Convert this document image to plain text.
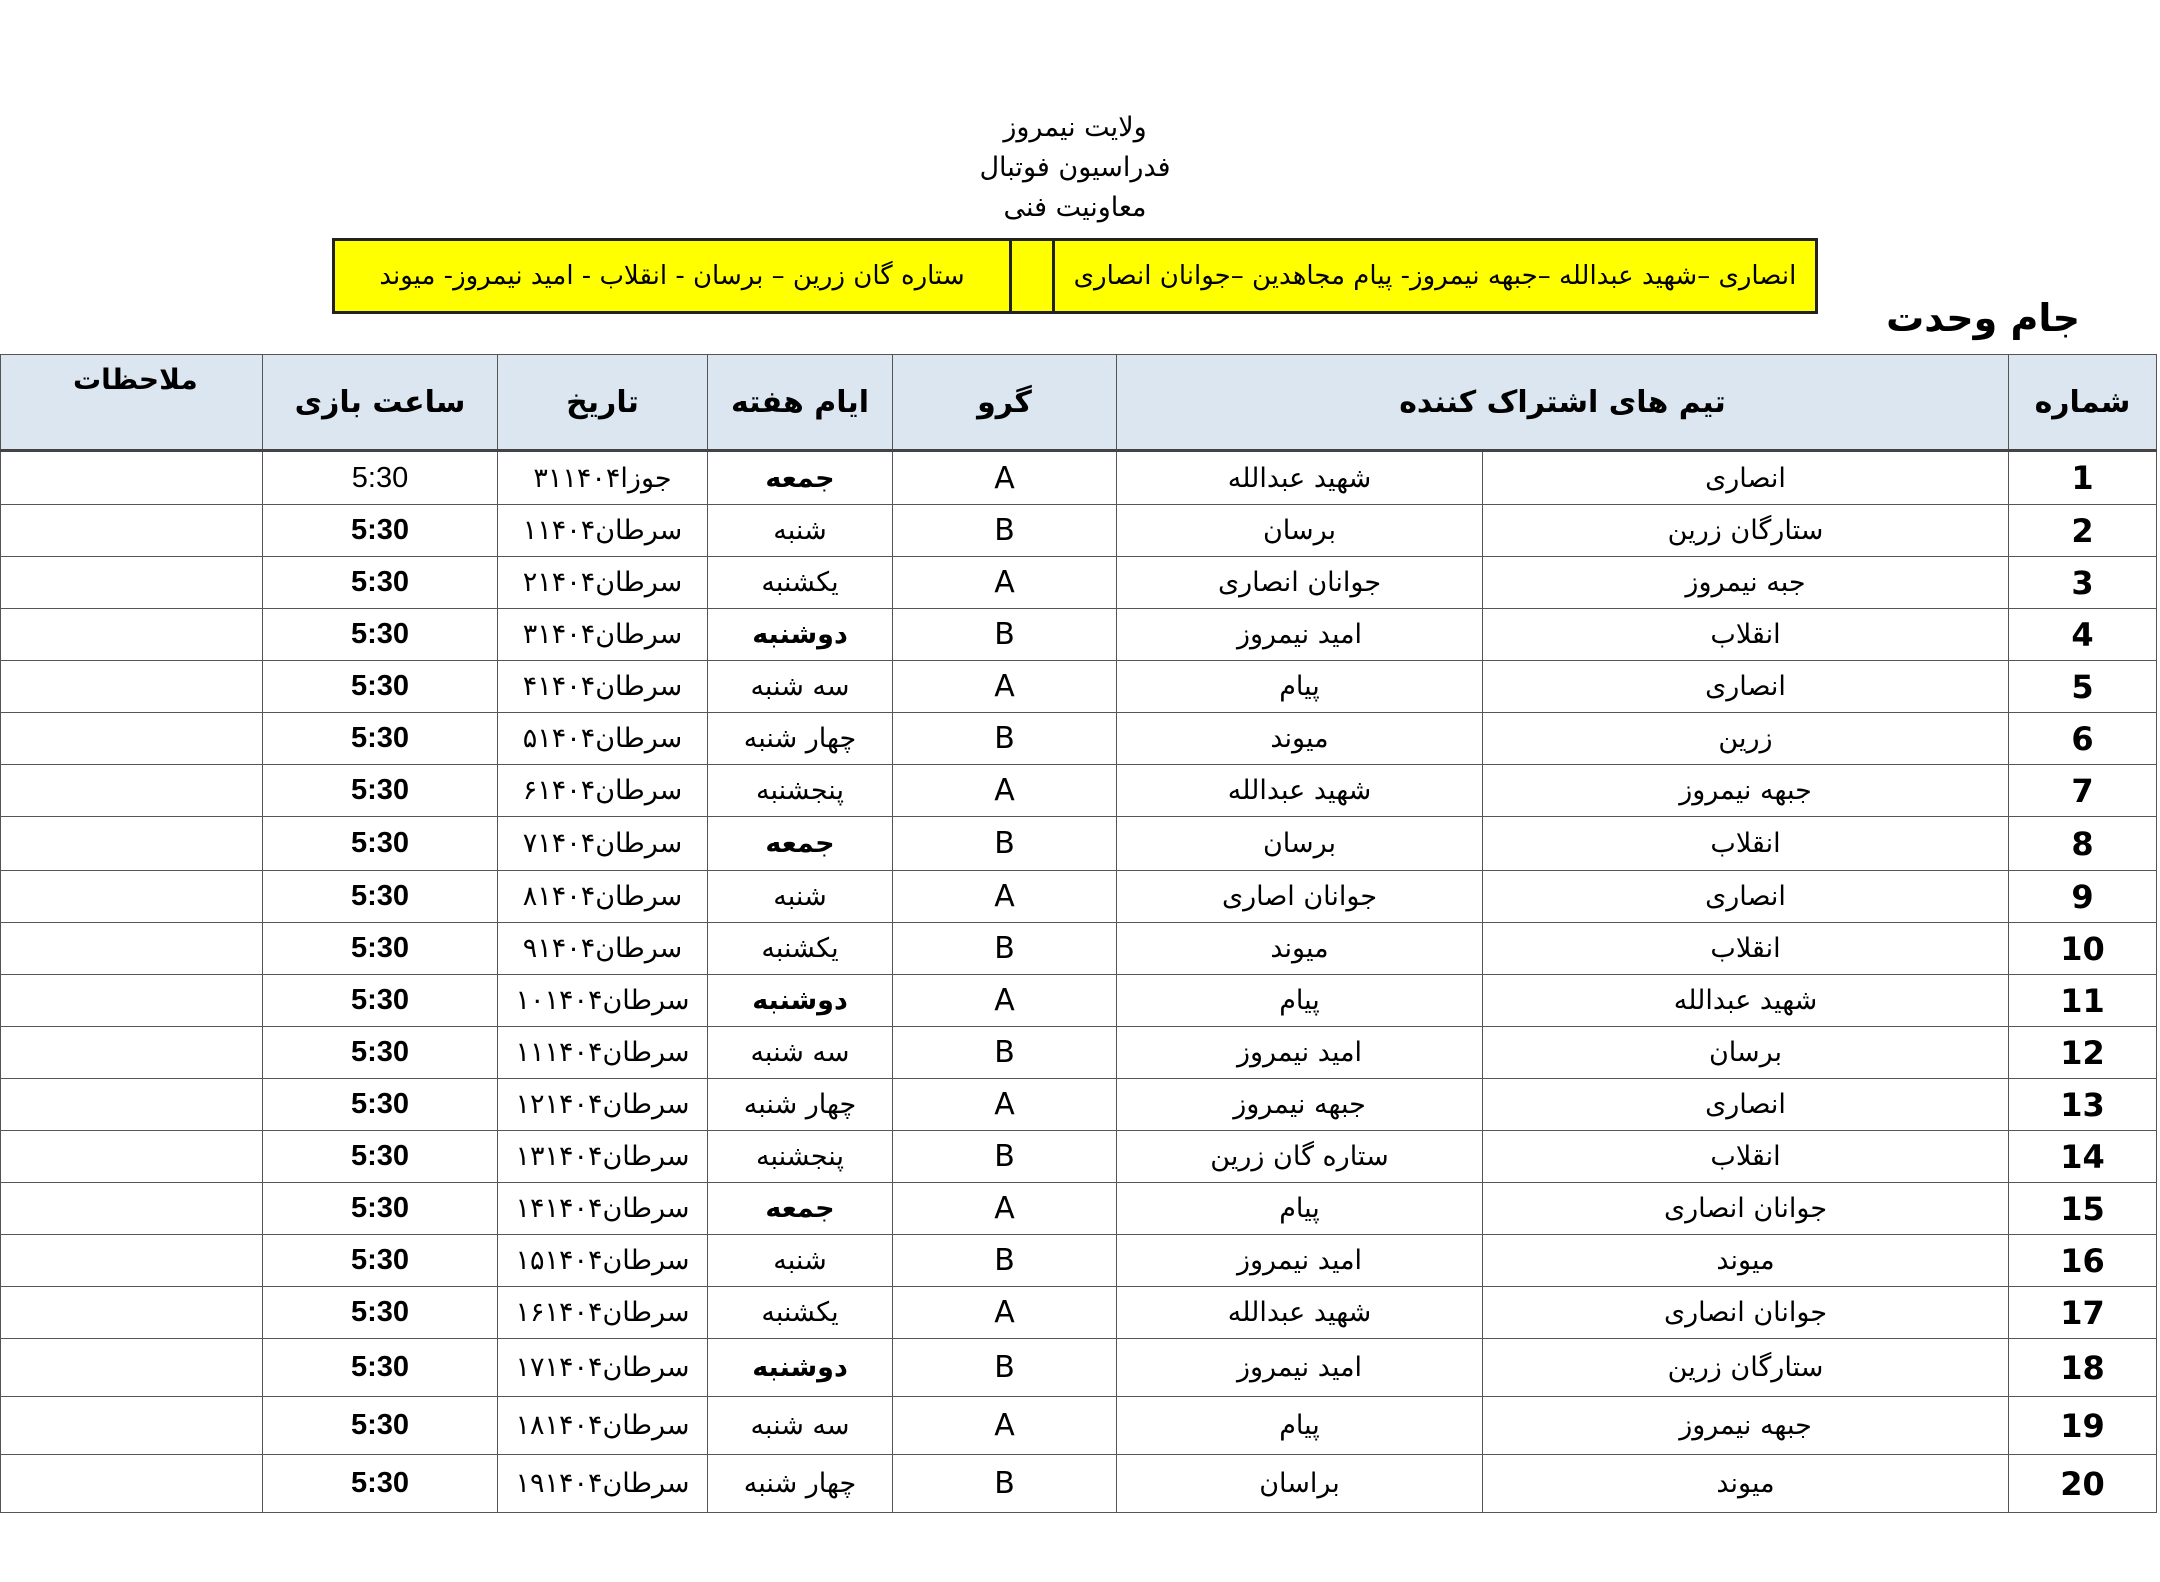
ولایت نیمروز
فدراسیون فوتبال
معاونیت فنی
ستاره گان زرین – برسان - انقلاب - امید نیمروز- میوند	انصاری –شهید عبدالله –جبهه نیمروز- پیام مجاهدین –جوانان انصاری
جام وحدت
ملاحظات	ساعت بازی	تاریخ	ایام هفته	گرو	تیم های اشتراک کننده		شماره
	5:30	۳۱جوزا۱۴۰۴	جمعه	A	شهید عبدالله	انصاری	1
	5:30	۱سرطان۱۴۰۴	شنبه	B	برسان	ستارگان زرین	2
	5:30	۲سرطان۱۴۰۴	یکشنبه	A	جوانان انصاری	جبه نیمروز	3
	5:30	۳سرطان۱۴۰۴	دوشنبه	B	امید نیمروز	انقلاب	4
	5:30	۴سرطان۱۴۰۴	سه شنبه	A	پیام	انصاری	5
	5:30	۵سرطان۱۴۰۴	چهار شنبه	B	میوند	زرین	6
	5:30	۶سرطان۱۴۰۴	پنجشنبه	A	شهید عبدالله	جبهه نیمروز	7
	5:30	۷سرطان۱۴۰۴	جمعه	B	برسان	انقلاب	8
	5:30	۸سرطان۱۴۰۴	شنبه	A	جوانان اصاری	انصاری	9
	5:30	۹سرطان۱۴۰۴	یکشنبه	B	میوند	انقلاب	10
	5:30	۱۰سرطان۱۴۰۴	دوشنبه	A	پیام	شهید عبدالله	11
	5:30	۱۱سرطان۱۴۰۴	سه شنبه	B	امید نیمروز	برسان	12
	5:30	۱۲سرطان۱۴۰۴	چهار شنبه	A	جبهه نیمروز	انصاری	13
	5:30	۱۳سرطان۱۴۰۴	پنجشنبه	B	ستاره گان زرین	انقلاب	14
	5:30	۱۴سرطان۱۴۰۴	جمعه	A	پیام	جوانان انصاری	15
	5:30	۱۵سرطان۱۴۰۴	شنبه	B	امید نیمروز	میوند	16
	5:30	۱۶سرطان۱۴۰۴	یکشنبه	A	شهید عبدالله	جوانان انصاری	17
	5:30	۱۷سرطان۱۴۰۴	دوشنبه	B	امید نیمروز	ستارگان زرین	18
	5:30	۱۸سرطان۱۴۰۴	سه شنبه	A	پیام	جبهه نیمروز	19
	5:30	۱۹سرطان۱۴۰۴	چهار شنبه	B	براسان	میوند	20
